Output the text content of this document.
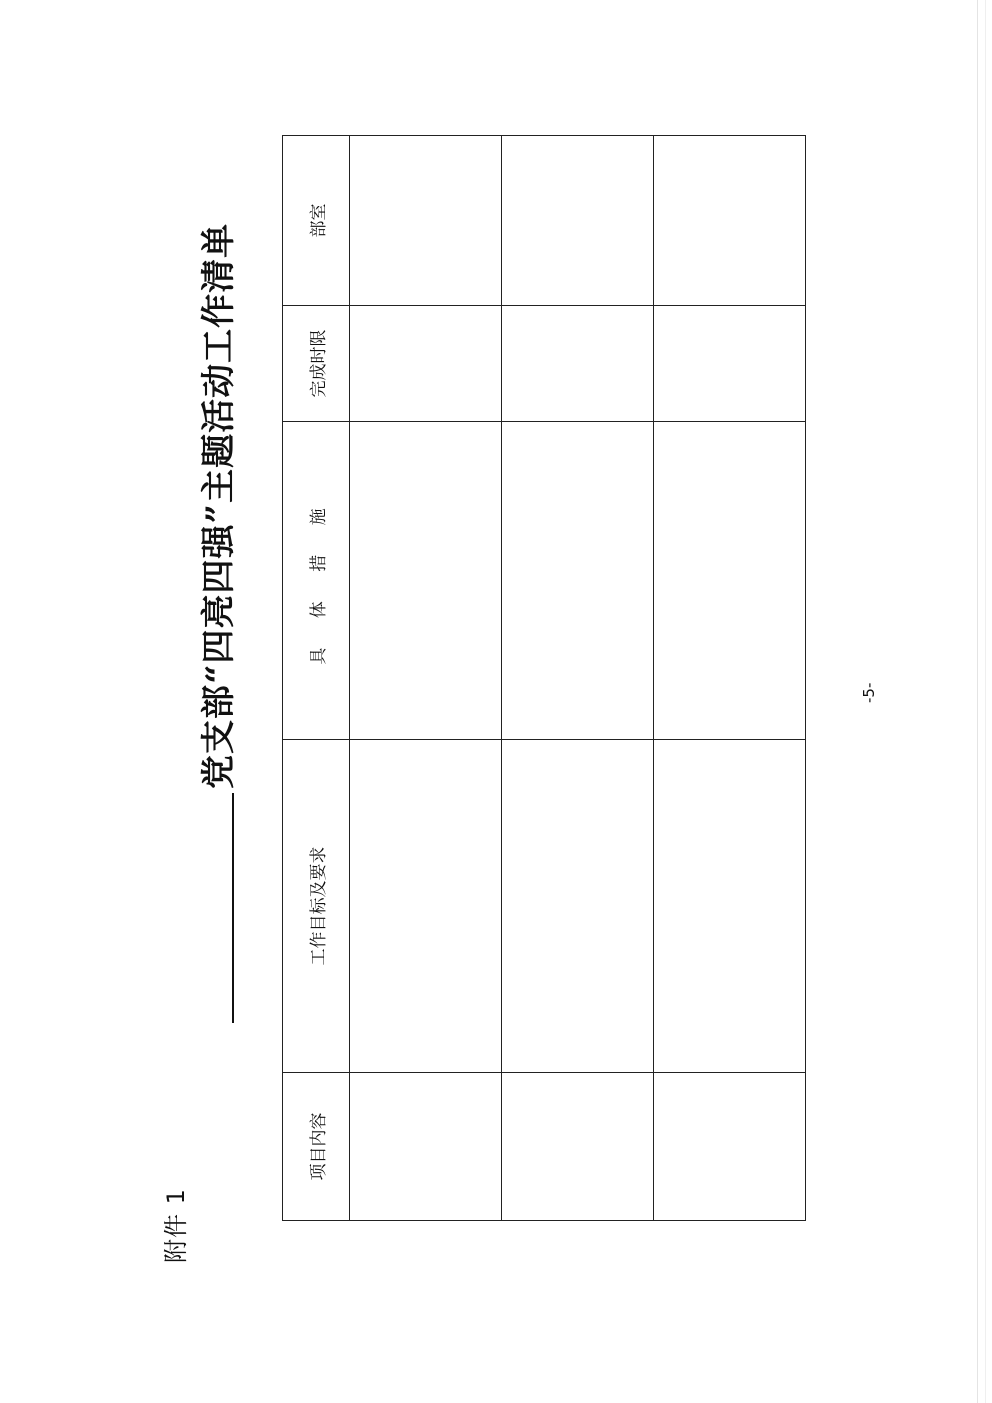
附件 1
党支部“四亮四强”主题活动工作清单
项目内容	工作目标及要求	具 体 措 施	完成时限	部室

-5-
